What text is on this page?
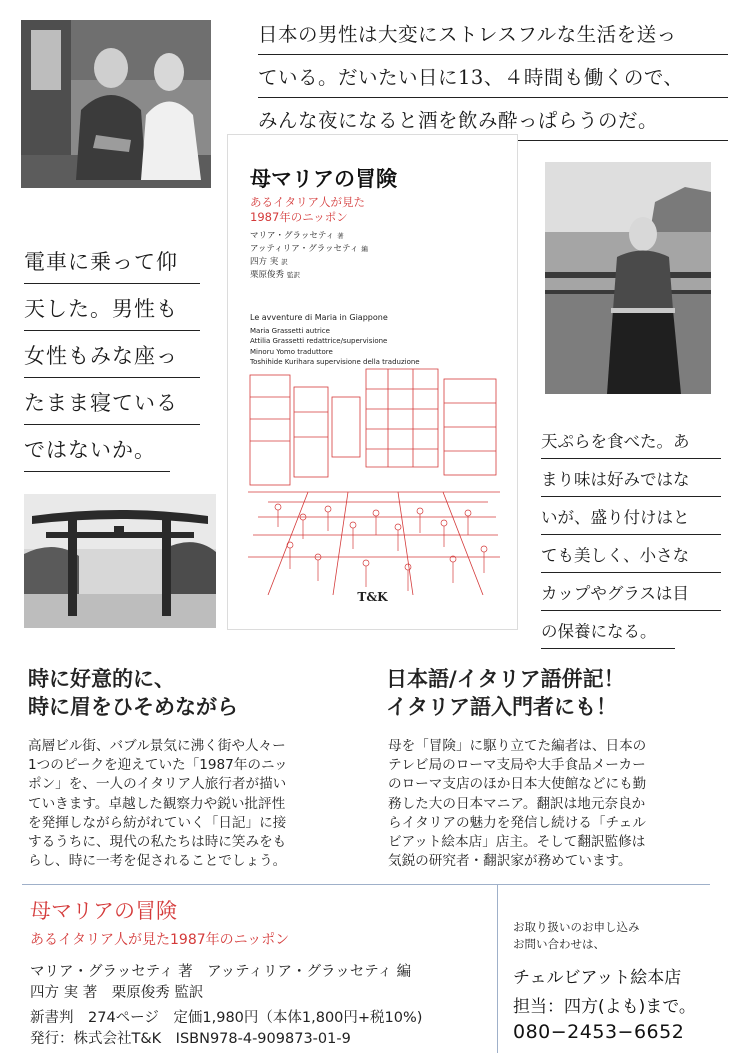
日本の男性は大変にストレスフルな生活を送っ
ている。だいたい日に13、４時間も働くので、
みんな夜になると酒を飲み酔っぱらうのだ。
電車に乗って仰
天した。男性も
女性もみな座っ
たまま寝ている
ではないか。	天ぷらを食べた。あ
まり味は好みではな
いが、盛り付けはと
ても美しく、小さな
カップやグラスは目
の保養になる。
母マリアの冒険
あるイタリア人が見た
1987年のニッポン
マリア・グラッセティ 著
アッティリア・グラッセティ 編
四方 実 訳
栗原俊秀 監訳
Le avventure di Maria in Giappone
Maria Grassetti autrice
Attilia Grassetti redattrice/supervisione
Minoru Yomo traduttore
Toshihide Kurihara supervisione della traduzione
T&K
時に好意的に、
時に眉をひそめながら
高層ビル街、バブル景気に沸く街や人々ー
1つのピークを迎えていた「1987年のニッ
ポン」を、一人のイタリア人旅行者が描い
ていきます。卓越した観察力や鋭い批評性
を発揮しながら紡がれていく「日記」に接
するうちに、現代の私たちは時に笑みをも
らし、時に一考を促されることでしょう。
日本語/イタリア語併記！
イタリア語入門者にも！
母を「冒険」に駆り立てた編者は、日本の
テレビ局のローマ支局や大手食品メーカー
のローマ支店のほか日本大使館などにも勤
務した大の日本マニア。翻訳は地元奈良か
らイタリアの魅力を発信し続ける「チェル
ビアット絵本店」店主。そして翻訳監修は
気鋭の研究者・翻訳家が務めています。
母マリアの冒険
あるイタリア人が見た1987年のニッポン
マリア・グラッセティ 著　アッティリア・グラッセティ 編
四方 実 著　栗原俊秀 監訳
新書判　274ページ　定価1,980円（本体1,800円+税10%)
発行：株式会社T&K　ISBN978-4-909873-01-9
お取り扱いのお申し込み
お問い合わせは、
チェルビアット絵本店
担当：四方(よも)まで。
080−2453−6652
